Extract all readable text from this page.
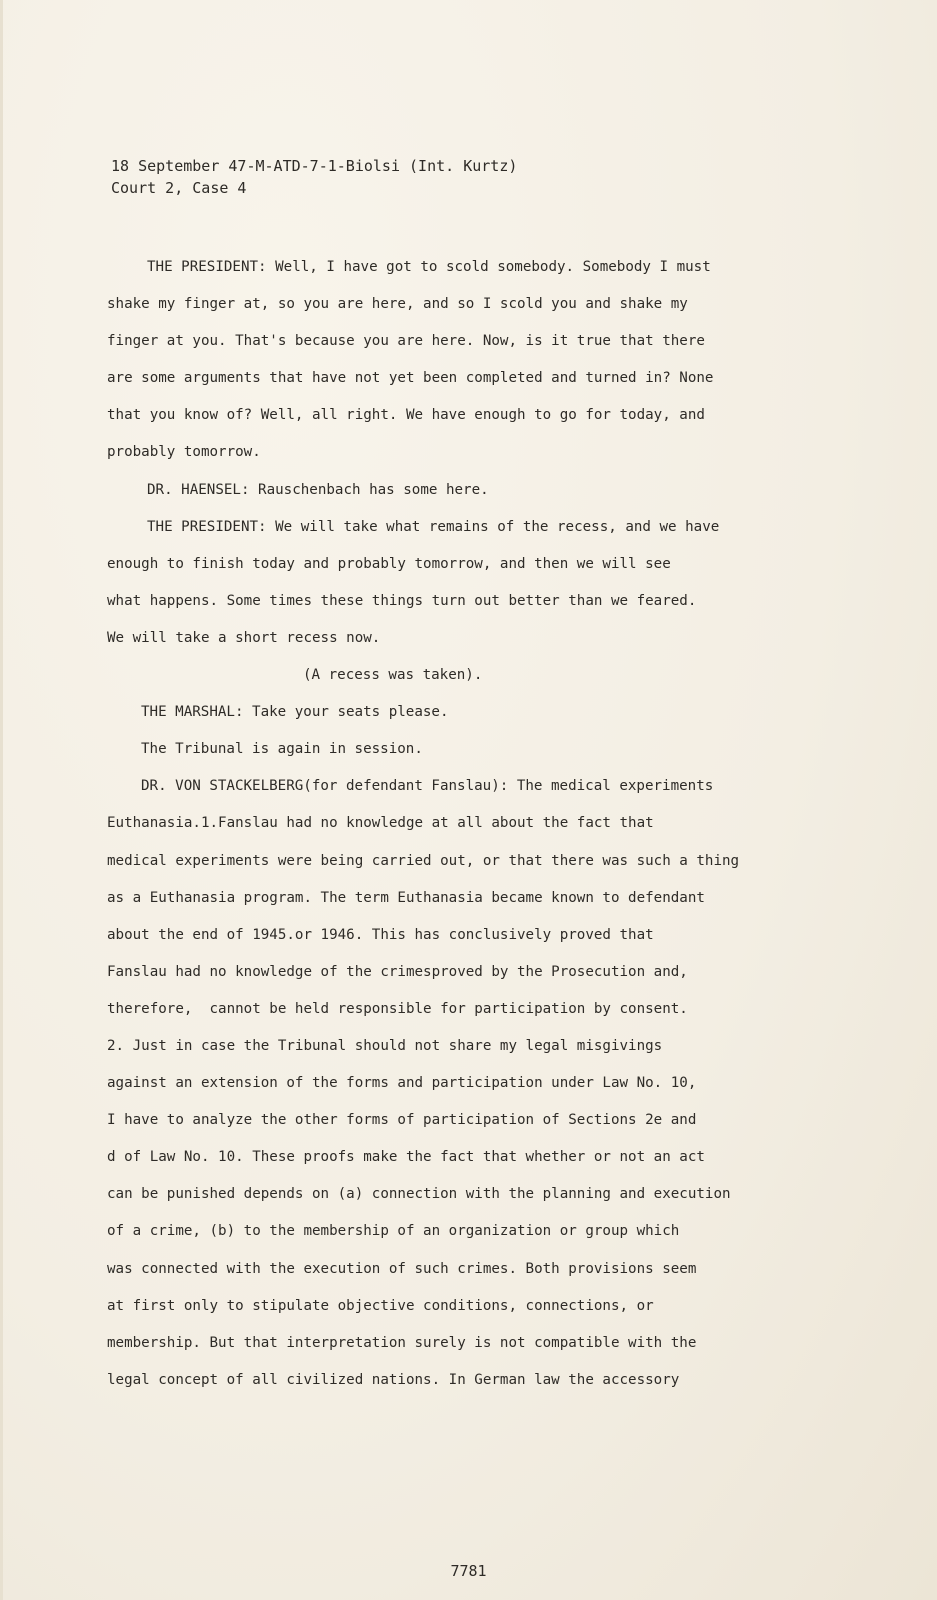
18 September 47-M-ATD-7-1-Biolsi (Int. Kurtz)
Court 2, Case 4

THE PRESIDENT: Well, I have got to scold somebody. Somebody I must

shake my finger at, so you are here, and so I scold you and shake my

finger at you. That's because you are here. Now, is it true that there

are some arguments that have not yet been completed and turned in? None

that you know of? Well, all right. We have enough to go for today, and

probably tomorrow.

DR. HAENSEL: Rauschenbach has some here.

THE PRESIDENT: We will take what remains of the recess, and we have

enough to finish today and probably tomorrow, and then we will see

what happens. Some times these things turn out better than we feared.

We will take a short recess now.

(A recess was taken).

THE MARSHAL: Take your seats please.

The Tribunal is again in session.

DR. VON STACKELBERG(for defendant Fanslau): The medical experiments

Euthanasia.1.Fanslau had no knowledge at all about the fact that

medical experiments were being carried out, or that there was such a thing

as a Euthanasia program. The term Euthanasia became known to defendant

about the end of 1945.or 1946. This has conclusively proved that

Fanslau had no knowledge of the crimesproved by the Prosecution and,

therefore,  cannot be held responsible for participation by consent.

2. Just in case the Tribunal should not share my legal misgivings

against an extension of the forms and participation under Law No. 10,

I have to analyze the other forms of participation of Sections 2e and

d of Law No. 10. These proofs make the fact that whether or not an act

can be punished depends on (a) connection with the planning and execution

of a crime, (b) to the membership of an organization or group which

was connected with the execution of such crimes. Both provisions seem

at first only to stipulate objective conditions, connections, or

membership. But that interpretation surely is not compatible with the

legal concept of all civilized nations. In German law the accessory

7781
